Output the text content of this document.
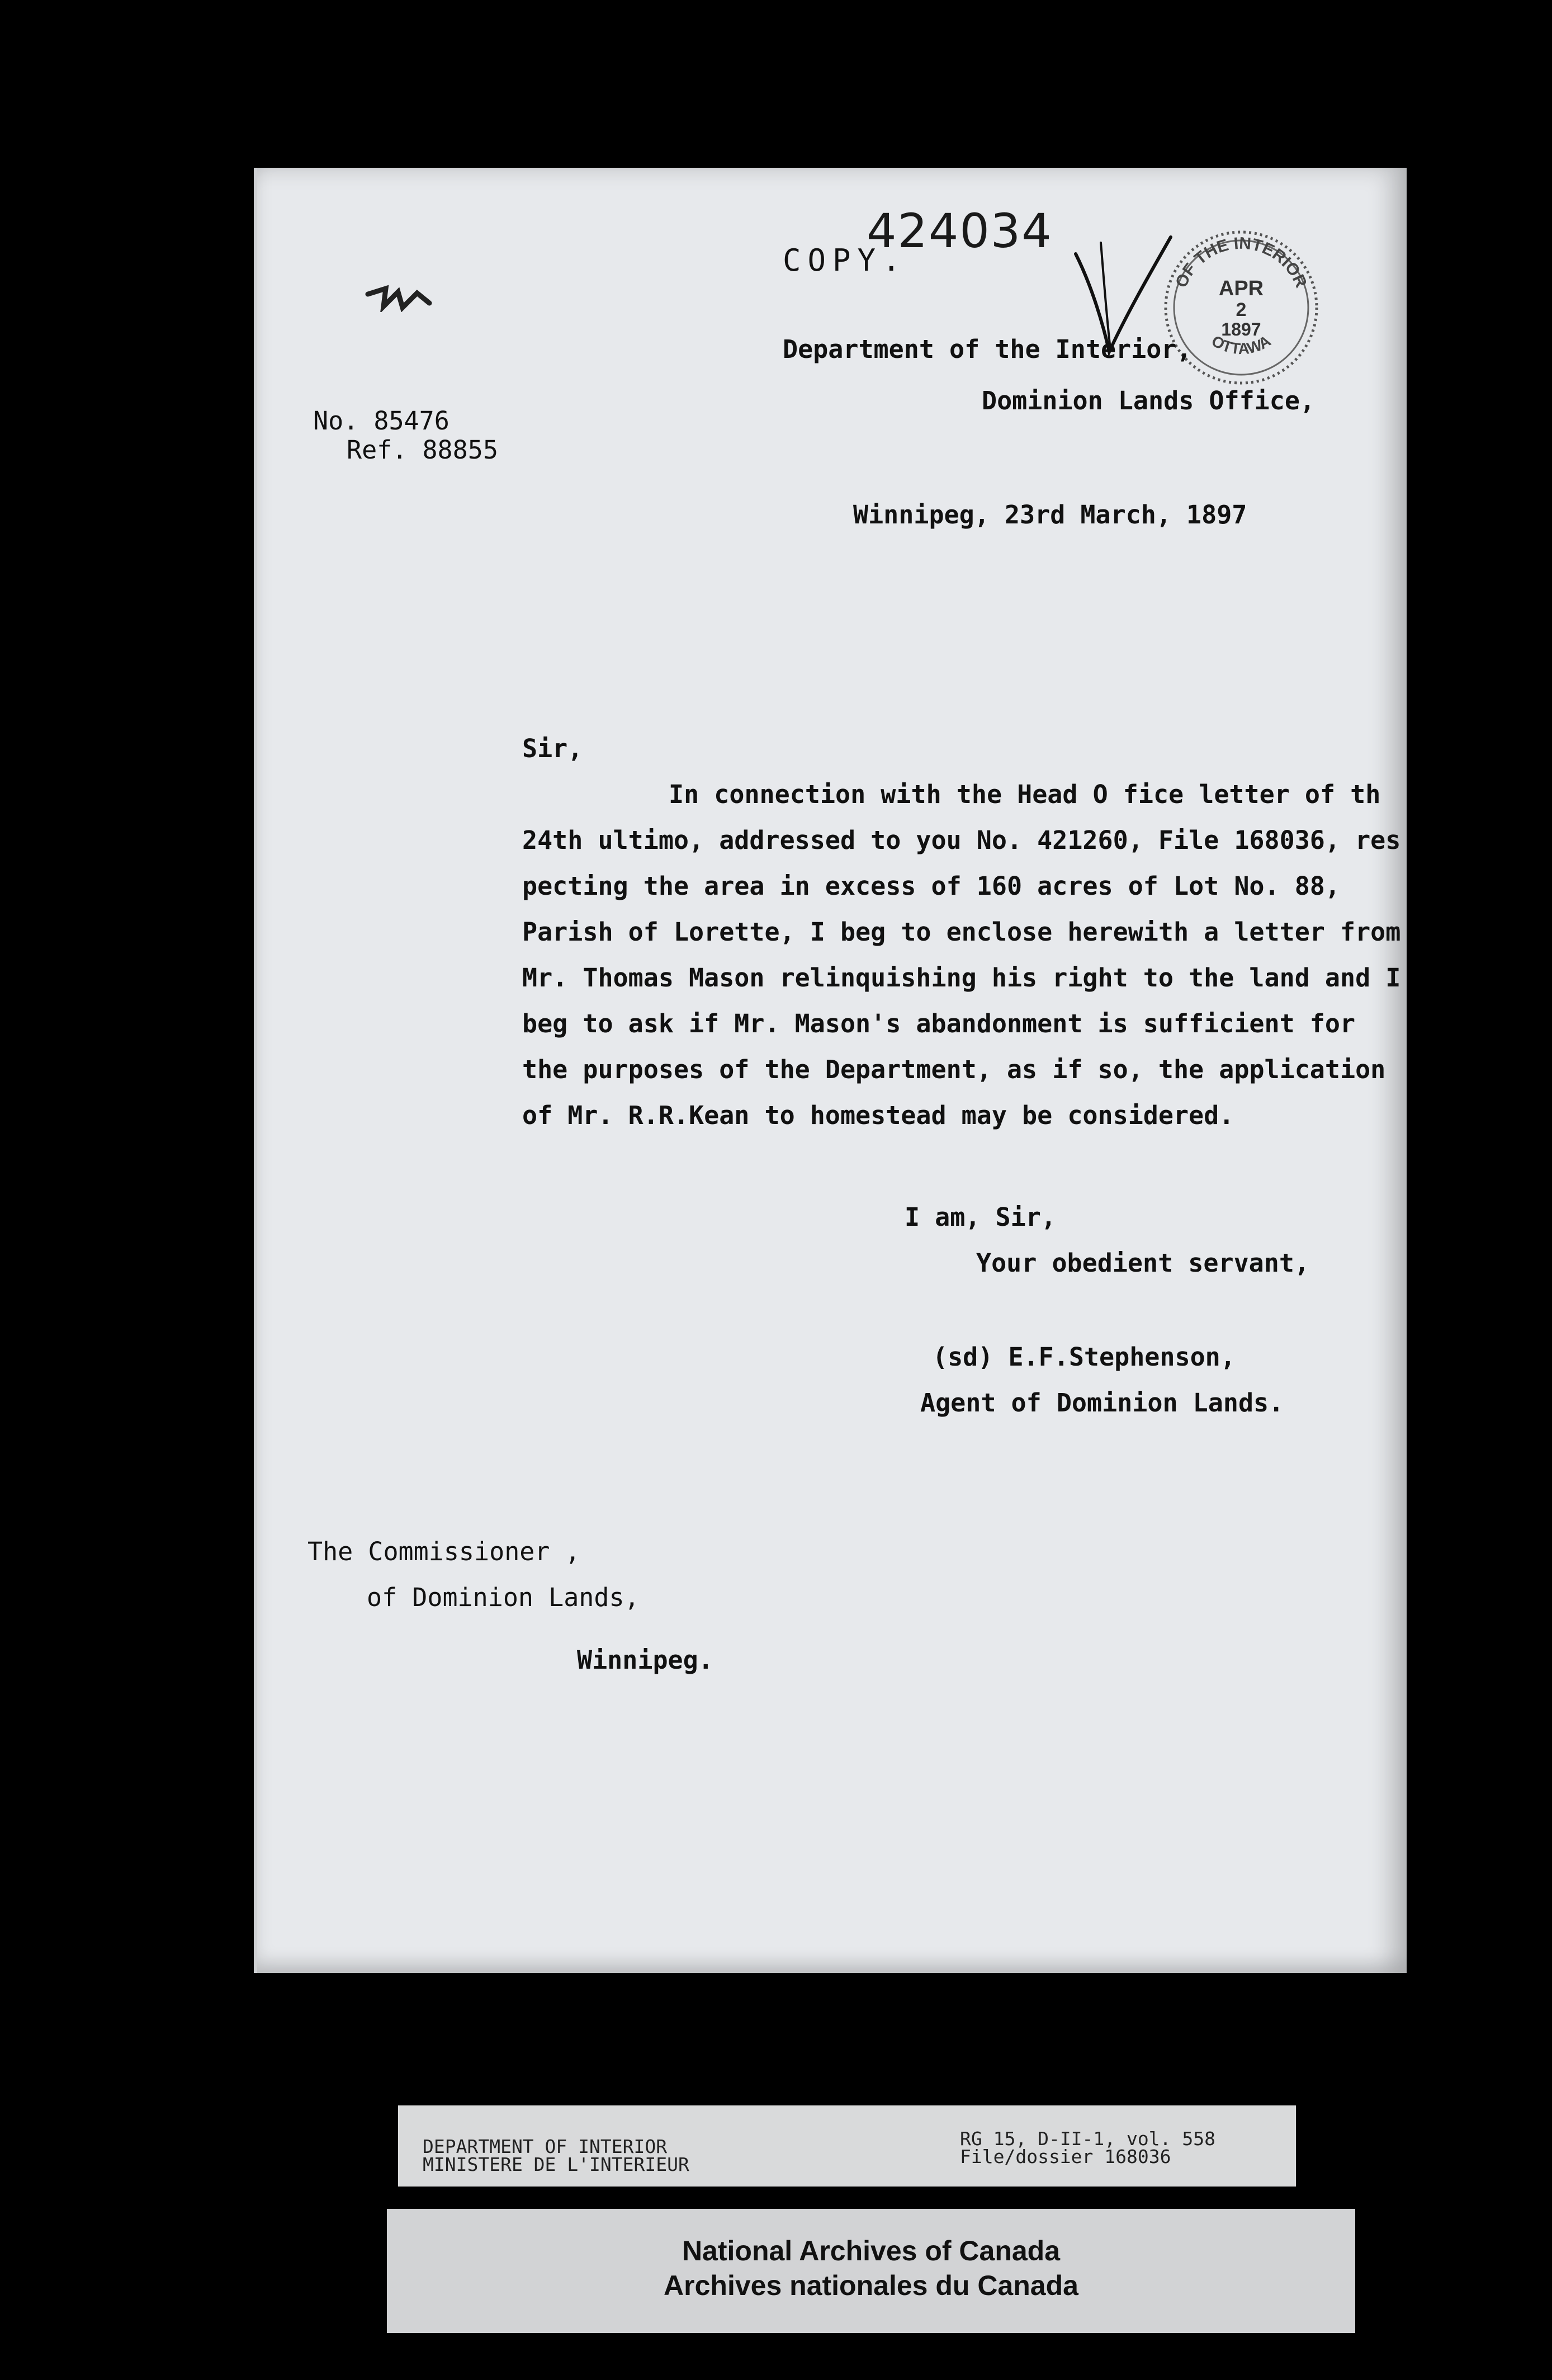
424034
COPY.
OF THE INTERIOR
OTTAWA
APR
2
1897
Department of the Interior,
Dominion Lands Office,
No. 85476
Ref. 88855
Winnipeg, 23rd March, 1897
Sir,
In connection with the Head O fice letter of th
24th ultimo, addressed to you No. 421260, File 168036, res
pecting the area in excess of 160 acres of Lot No. 88,
Parish of Lorette, I beg to enclose herewith a letter from
Mr. Thomas Mason relinquishing his right to the land and I
beg to ask if Mr. Mason's abandonment is sufficient for
the purposes of the Department, as if so, the application
of Mr. R.R.Kean to homestead may be considered.
I am, Sir,
Your obedient servant,
(sd) E.F.Stephenson,
Agent of Dominion Lands.
The Commissioner ,
of Dominion Lands,
Winnipeg.
DEPARTMENT OF INTERIOR
MINISTERE DE L'INTERIEUR
RG 15, D-II-1, vol. 558
File/dossier 168036
National Archives of Canada
Archives nationales du Canada
